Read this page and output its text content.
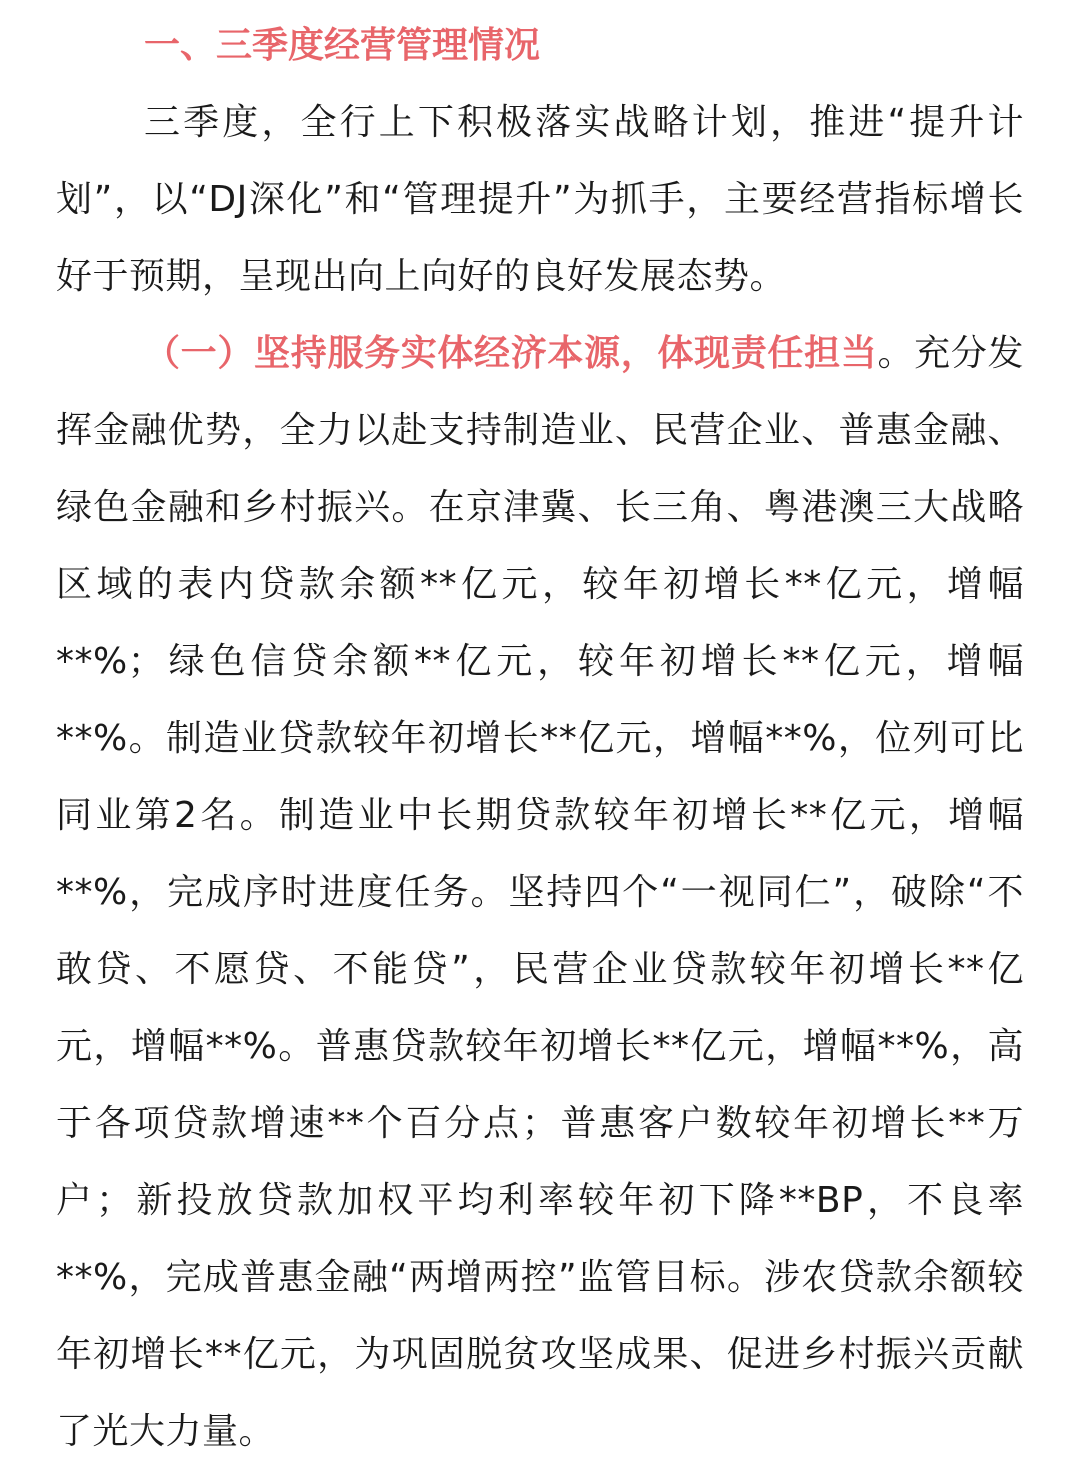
一、三季度经营管理情况

三季度，全行上下积极落实战略计划，推进“提升计划”，以“DJ深化”和“管理提升”为抓手，主要经营指标增长好于预期，呈现出向上向好的良好发展态势。

（一）坚持服务实体经济本源，体现责任担当。充分发挥金融优势，全力以赴支持制造业、民营企业、普惠金融、绿色金融和乡村振兴。在京津冀、长三角、粤港澳三大战略区域的表内贷款余额**亿元，较年初增长**亿元，增幅**%；绿色信贷余额**亿元，较年初增长**亿元，增幅**%。制造业贷款较年初增长**亿元，增幅**%，位列可比同业第2名。制造业中长期贷款较年初增长**亿元，增幅**%，完成序时进度任务。坚持四个“一视同仁”，破除“不敢贷、不愿贷、不能贷”，民营企业贷款较年初增长**亿元，增幅**%。普惠贷款较年初增长**亿元，增幅**%，高于各项贷款增速**个百分点；普惠客户数较年初增长**万户；新投放贷款加权平均利率较年初下降**BP，不良率**%，完成普惠金融“两增两控”监管目标。涉农贷款余额较年初增长**亿元，为巩固脱贫攻坚成果、促进乡村振兴贡献了光大力量。
